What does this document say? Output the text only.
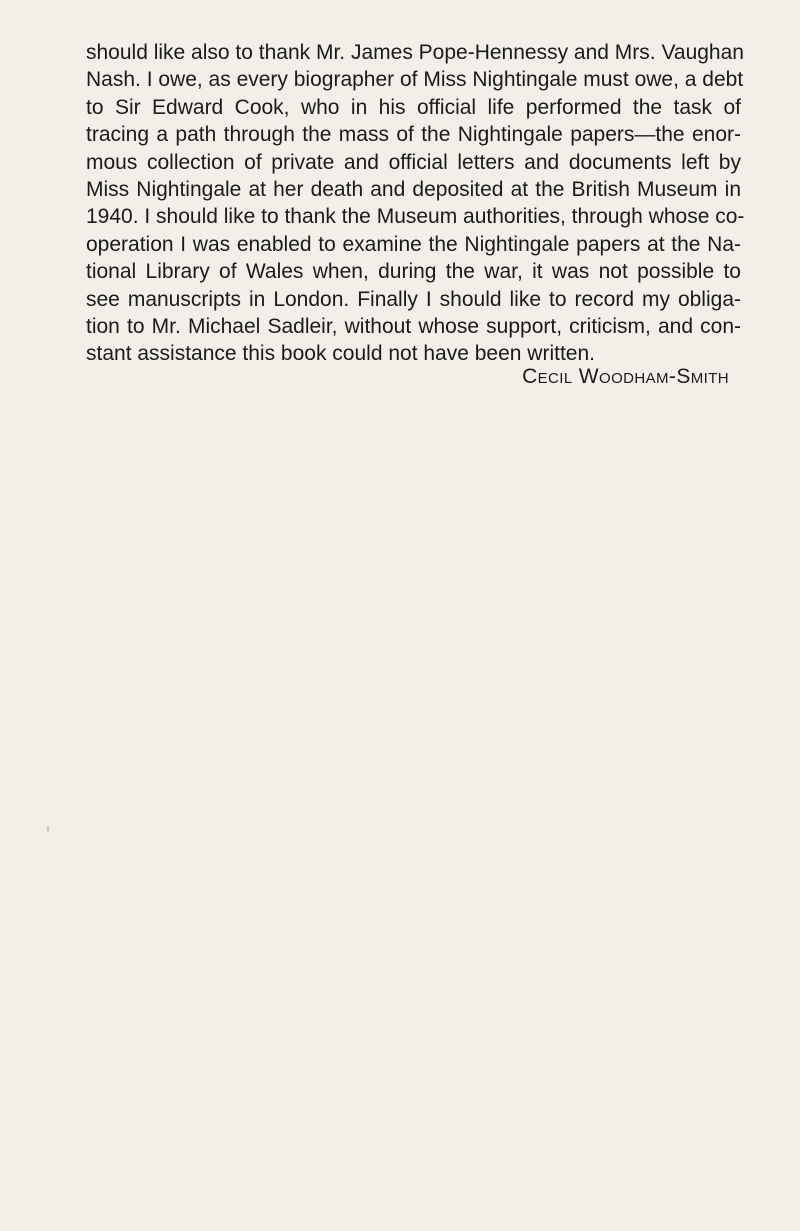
should like also to thank Mr. James Pope-Hennessy and Mrs. Vaughan
Nash. I owe, as every biographer of Miss Nightingale must owe, a debt
to Sir Edward Cook, who in his official life performed the task of
tracing a path through the mass of the Nightingale papers—the enor-
mous collection of private and official letters and documents left by
Miss Nightingale at her death and deposited at the British Museum in
1940. I should like to thank the Museum authorities, through whose co-
operation I was enabled to examine the Nightingale papers at the Na-
tional Library of Wales when, during the war, it was not possible to
see manuscripts in London. Finally I should like to record my obliga-
tion to Mr. Michael Sadleir, without whose support, criticism, and con-
stant assistance this book could not have been written.
Cecil Woodham-Smith
